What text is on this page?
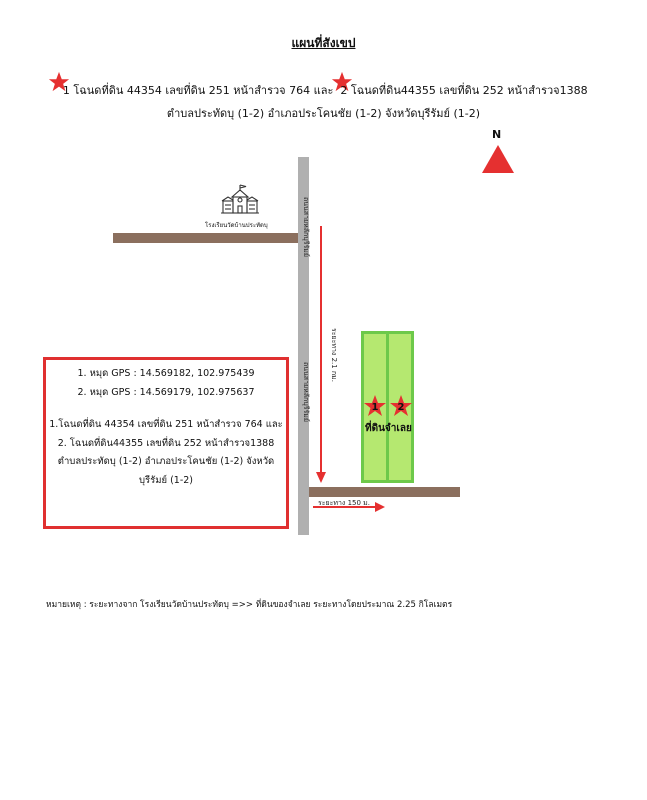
แผนที่สังเขป
1 โฉนดที่ดิน 44354 เลขที่ดิน 251 หน้าสำรวจ 764 และ 2 โฉนดที่ดิน44355 เลขที่ดิน 252 หน้าสำรวจ1388
ตำบลประทัดบุ (1-2) อำเภอประโคนชัย (1-2) จังหวัดบุรีรัมย์ (1-2)
N
โรงเรียนวัดบ้านประทัดบุ	ถนนสายหลักบุรีรัมย์
ถนนสายหลักบุรีรัมย์
ระยะทาง 2.1 กม.
ระยะทาง 150 ม.
1 2
ที่ดินจำเลย
1. หมุด GPS : 14.569182, 102.975439
2. หมุด GPS : 14.569179, 102.975637
1.โฉนดที่ดิน 44354 เลขที่ดิน 251 หน้าสำรวจ 764 และ
2. โฉนดที่ดิน44355 เลขที่ดิน 252 หน้าสำรวจ1388
ตำบลประทัดบุ (1-2) อำเภอประโคนชัย (1-2) จังหวัด
บุรีรัมย์ (1-2)
หมายเหตุ : ระยะทางจาก โรงเรียนวัดบ้านประทัดบุ =>> ที่ดินของจำเลย ระยะทางโดยประมาณ 2.25 กิโลเมตร
